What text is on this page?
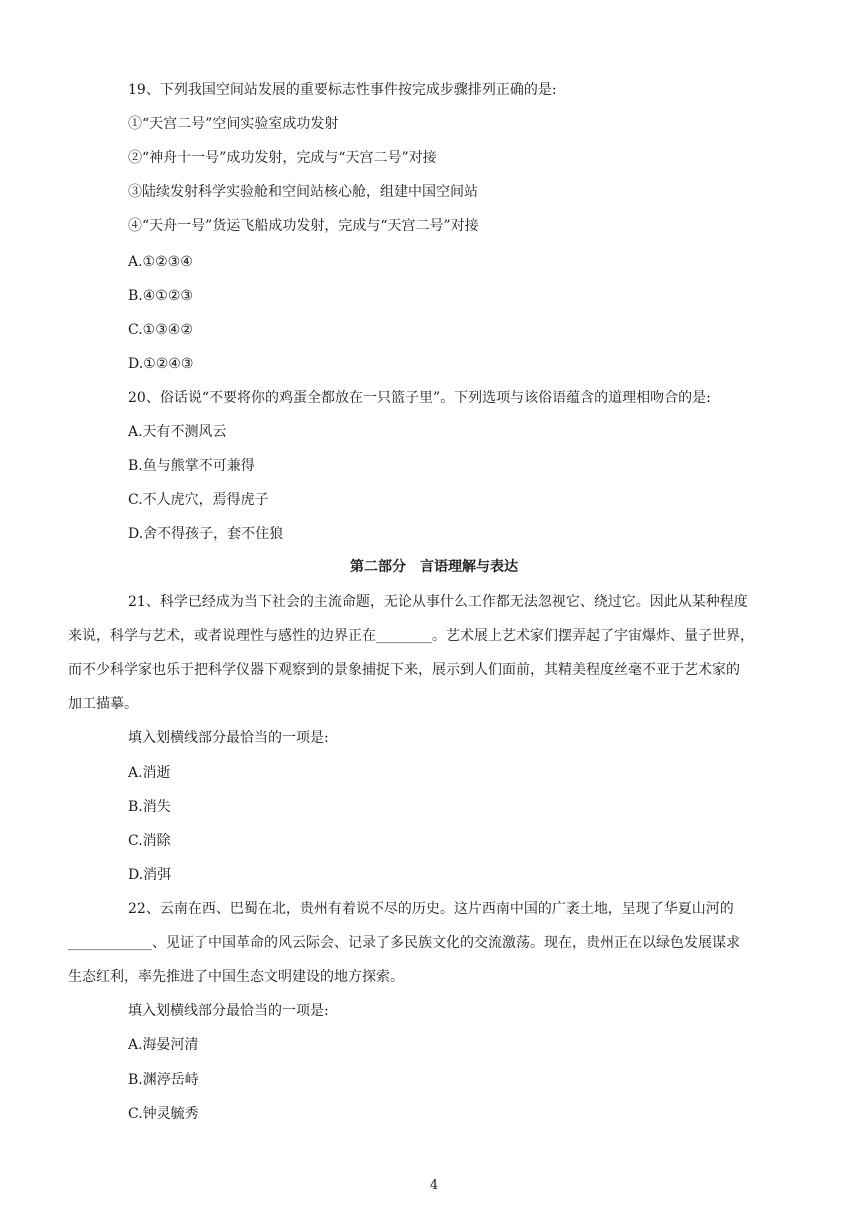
19、下列我国空间站发展的重要标志性事件按完成步骤排列正确的是:
①“天宫二号”空间实验室成功发射
②“神舟十一号”成功发射，完成与“天宫二号”对接
③陆续发射科学实验舱和空间站核心舱，组建中国空间站
④“天舟一号”货运飞船成功发射，完成与“天宫二号”对接
A.①②③④
B.④①②③
C.①③④②
D.①②④③
20、俗话说“不要将你的鸡蛋全都放在一只篮子里”。下列选项与该俗语蕴含的道理相吻合的是:
A.天有不测风云
B.鱼与熊掌不可兼得
C.不人虎穴，焉得虎子
D.舍不得孩子，套不住狼
第二部分　言语理解与表达
21、科学已经成为当下社会的主流命题，无论从事什么工作都无法忽视它、绕过它。因此从某种程度
来说，科学与艺术，或者说理性与感性的边界正在________。艺术展上艺术家们摆弄起了宇宙爆炸、量子世界，
而不少科学家也乐于把科学仪器下观察到的景象捕捉下来，展示到人们面前，其精美程度丝毫不亚于艺术家的
加工描摹。
填入划横线部分最恰当的一项是:
A.消逝
B.消失
C.消除
D.消弭
22、云南在西、巴蜀在北，贵州有着说不尽的历史。这片西南中国的广袤土地，呈现了华夏山河的
____________、见证了中国革命的风云际会、记录了多民族文化的交流激荡。现在，贵州正在以绿色发展谋求
生态红利，率先推进了中国生态文明建设的地方探索。
填入划横线部分最恰当的一项是:
A.海晏河清
B.渊渟岳峙
C.钟灵毓秀
4
